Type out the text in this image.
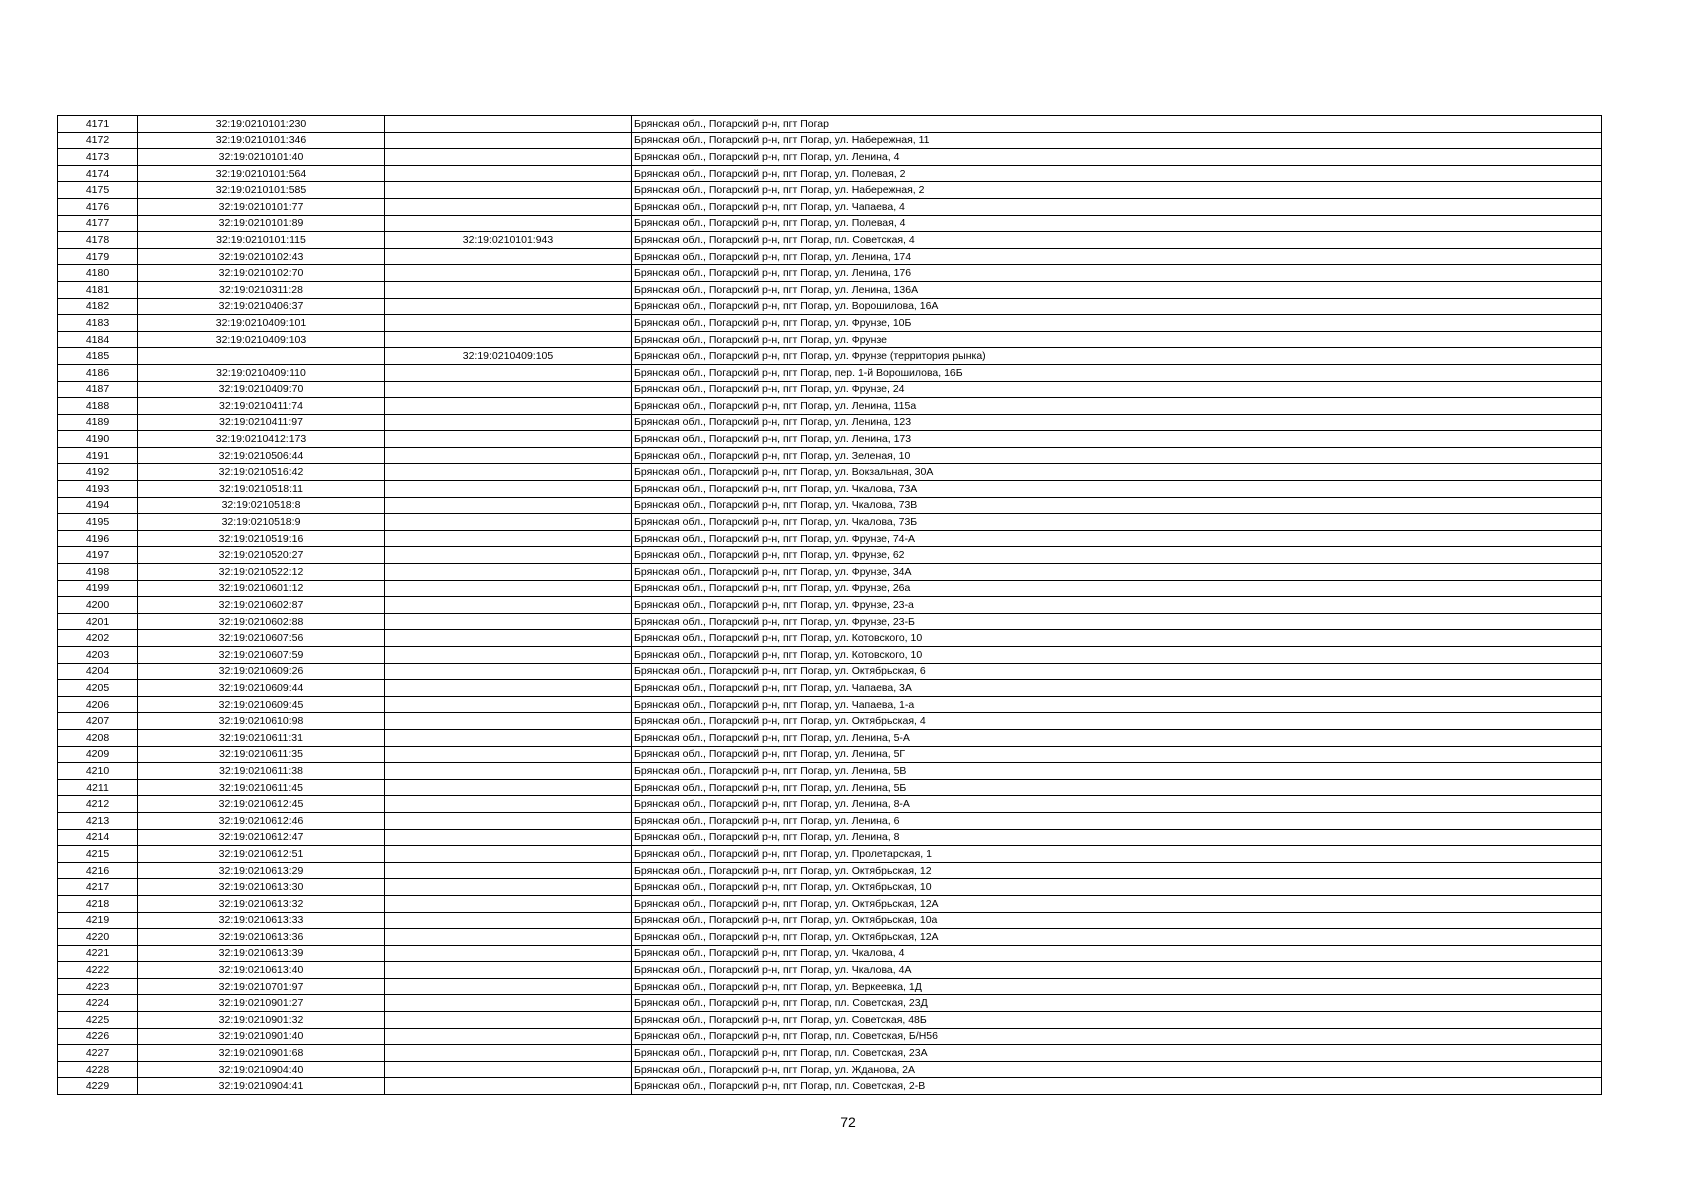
4171	32:19:0210101:230		Брянская обл., Погарский р-н, пгт Погар
4172	32:19:0210101:346		Брянская обл., Погарский р-н, пгт Погар, ул. Набережная, 11
4173	32:19:0210101:40		Брянская обл., Погарский р-н, пгт Погар, ул. Ленина, 4
4174	32:19:0210101:564		Брянская обл., Погарский р-н, пгт Погар, ул. Полевая, 2
4175	32:19:0210101:585		Брянская обл., Погарский р-н, пгт Погар, ул. Набережная, 2
4176	32:19:0210101:77		Брянская обл., Погарский р-н, пгт Погар, ул. Чапаева, 4
4177	32:19:0210101:89		Брянская обл., Погарский р-н, пгт Погар, ул. Полевая, 4
4178	32:19:0210101:115	32:19:0210101:943	Брянская обл., Погарский р-н, пгт Погар, пл. Советская, 4
4179	32:19:0210102:43		Брянская обл., Погарский р-н, пгт Погар, ул. Ленина, 174
4180	32:19:0210102:70		Брянская обл., Погарский р-н, пгт Погар, ул. Ленина, 176
4181	32:19:0210311:28		Брянская обл., Погарский р-н, пгт Погар, ул. Ленина, 136А
4182	32:19:0210406:37		Брянская обл., Погарский р-н, пгт Погар, ул. Ворошилова, 16А
4183	32:19:0210409:101		Брянская обл., Погарский р-н, пгт Погар, ул. Фрунзе, 10Б
4184	32:19:0210409:103		Брянская обл., Погарский р-н, пгт Погар, ул. Фрунзе
4185		32:19:0210409:105	Брянская обл., Погарский р-н, пгт Погар, ул. Фрунзе (территория рынка)
4186	32:19:0210409:110		Брянская обл., Погарский р-н, пгт Погар, пер. 1-й Ворошилова, 16Б
4187	32:19:0210409:70		Брянская обл., Погарский р-н, пгт Погар, ул. Фрунзе, 24
4188	32:19:0210411:74		Брянская обл., Погарский р-н, пгт Погар, ул. Ленина, 115а
4189	32:19:0210411:97		Брянская обл., Погарский р-н, пгт Погар, ул. Ленина, 123
4190	32:19:0210412:173		Брянская обл., Погарский р-н, пгт Погар, ул. Ленина, 173
4191	32:19:0210506:44		Брянская обл., Погарский р-н, пгт Погар, ул. Зеленая, 10
4192	32:19:0210516:42		Брянская обл., Погарский р-н, пгт Погар, ул. Вокзальная, 30А
4193	32:19:0210518:11		Брянская обл., Погарский р-н, пгт Погар, ул. Чкалова, 73А
4194	32:19:0210518:8		Брянская обл., Погарский р-н, пгт Погар, ул. Чкалова, 73В
4195	32:19:0210518:9		Брянская обл., Погарский р-н, пгт Погар, ул. Чкалова, 73Б
4196	32:19:0210519:16		Брянская обл., Погарский р-н, пгт Погар, ул. Фрунзе, 74-А
4197	32:19:0210520:27		Брянская обл., Погарский р-н, пгт Погар, ул. Фрунзе, 62
4198	32:19:0210522:12		Брянская обл., Погарский р-н, пгт Погар, ул. Фрунзе, 34А
4199	32:19:0210601:12		Брянская обл., Погарский р-н, пгт Погар, ул. Фрунзе, 26а
4200	32:19:0210602:87		Брянская обл., Погарский р-н, пгт Погар, ул. Фрунзе, 23-а
4201	32:19:0210602:88		Брянская обл., Погарский р-н, пгт Погар, ул. Фрунзе, 23-Б
4202	32:19:0210607:56		Брянская обл., Погарский р-н, пгт Погар, ул. Котовского, 10
4203	32:19:0210607:59		Брянская обл., Погарский р-н, пгт Погар, ул. Котовского, 10
4204	32:19:0210609:26		Брянская обл., Погарский р-н, пгт Погар, ул. Октябрьская, 6
4205	32:19:0210609:44		Брянская обл., Погарский р-н, пгт Погар, ул. Чапаева, 3А
4206	32:19:0210609:45		Брянская обл., Погарский р-н, пгт Погар, ул. Чапаева, 1-а
4207	32:19:0210610:98		Брянская обл., Погарский р-н, пгт Погар, ул. Октябрьская, 4
4208	32:19:0210611:31		Брянская обл., Погарский р-н, пгт Погар, ул. Ленина, 5-А
4209	32:19:0210611:35		Брянская обл., Погарский р-н, пгт Погар, ул. Ленина, 5Г
4210	32:19:0210611:38		Брянская обл., Погарский р-н, пгт Погар, ул. Ленина, 5В
4211	32:19:0210611:45		Брянская обл., Погарский р-н, пгт Погар, ул. Ленина, 5Б
4212	32:19:0210612:45		Брянская обл., Погарский р-н, пгт Погар, ул. Ленина, 8-А
4213	32:19:0210612:46		Брянская обл., Погарский р-н, пгт Погар, ул. Ленина, 6
4214	32:19:0210612:47		Брянская обл., Погарский р-н, пгт Погар, ул. Ленина, 8
4215	32:19:0210612:51		Брянская обл., Погарский р-н, пгт Погар, ул. Пролетарская, 1
4216	32:19:0210613:29		Брянская обл., Погарский р-н, пгт Погар, ул. Октябрьская, 12
4217	32:19:0210613:30		Брянская обл., Погарский р-н, пгт Погар, ул. Октябрьская, 10
4218	32:19:0210613:32		Брянская обл., Погарский р-н, пгт Погар, ул. Октябрьская, 12А
4219	32:19:0210613:33		Брянская обл., Погарский р-н, пгт Погар, ул. Октябрьская, 10а
4220	32:19:0210613:36		Брянская обл., Погарский р-н, пгт Погар, ул. Октябрьская, 12А
4221	32:19:0210613:39		Брянская обл., Погарский р-н, пгт Погар, ул. Чкалова, 4
4222	32:19:0210613:40		Брянская обл., Погарский р-н, пгт Погар, ул. Чкалова, 4А
4223	32:19:0210701:97		Брянская обл., Погарский р-н, пгт Погар, ул. Веркеевка, 1Д
4224	32:19:0210901:27		Брянская обл., Погарский р-н, пгт Погар, пл. Советская, 23Д
4225	32:19:0210901:32		Брянская обл., Погарский р-н, пгт Погар, ул. Советская, 48Б
4226	32:19:0210901:40		Брянская обл., Погарский р-н, пгт Погар, пл. Советская, Б/Н56
4227	32:19:0210901:68		Брянская обл., Погарский р-н, пгт Погар, пл. Советская, 23А
4228	32:19:0210904:40		Брянская обл., Погарский р-н, пгт Погар, ул. Жданова, 2А
4229	32:19:0210904:41		Брянская обл., Погарский р-н, пгт Погар, пл. Советская, 2-В
72
